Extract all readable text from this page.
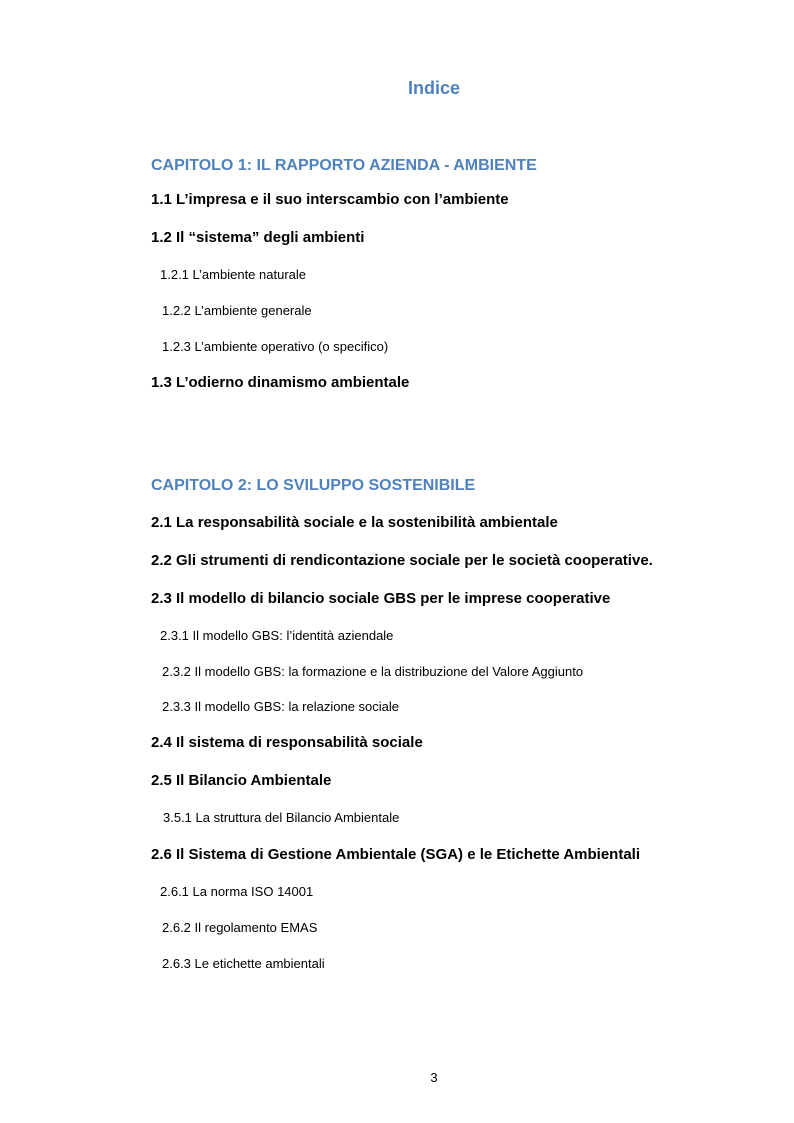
Indice
CAPITOLO 1: IL RAPPORTO AZIENDA - AMBIENTE
1.1 L’impresa e il suo interscambio con l’ambiente
1.2 Il “sistema” degli ambienti
1.2.1 L’ambiente naturale
1.2.2 L’ambiente generale
1.2.3 L’ambiente operativo (o specifico)
1.3 L’odierno dinamismo ambientale
CAPITOLO 2: LO SVILUPPO SOSTENIBILE
2.1 La responsabilità sociale e la sostenibilità ambientale
2.2 Gli strumenti di rendicontazione sociale per le società cooperative.
2.3 Il modello di bilancio sociale GBS per le imprese cooperative
2.3.1 Il modello GBS: l’identità aziendale
2.3.2 Il modello GBS: la formazione e la distribuzione del Valore Aggiunto
2.3.3 Il modello GBS: la relazione sociale
2.4 Il sistema di responsabilità sociale
2.5 Il Bilancio Ambientale
3.5.1 La struttura del Bilancio Ambientale
2.6 Il Sistema di Gestione Ambientale (SGA) e le Etichette Ambientali
2.6.1 La norma ISO 14001
2.6.2 Il regolamento EMAS
2.6.3 Le etichette ambientali
3
